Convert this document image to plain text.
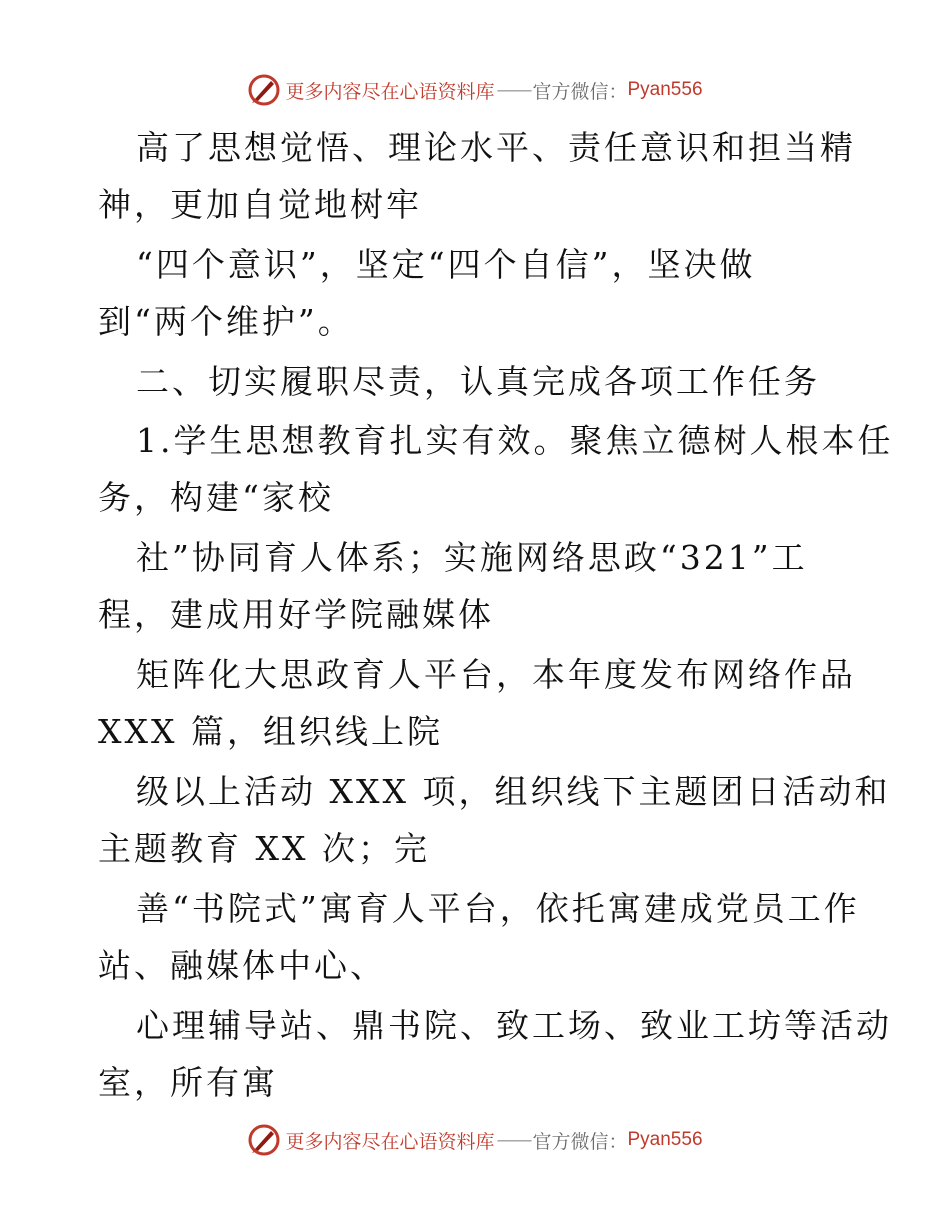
更多内容尽在心语资料库 —— 官方微信： Pyan556
高了思想觉悟、理论水平、责任意识和担当精
神，更加自觉地树牢
“四个意识”，坚定“四个自信”，坚决做
到“两个维护”。
二、切实履职尽责，认真完成各项工作任务
1.学生思想教育扎实有效。聚焦立德树人根本任
务，构建“家校
社”协同育人体系；实施网络思政“321”工
程，建成用好学院融媒体
矩阵化大思政育人平台，本年度发布网络作品
XXX 篇，组织线上院
级以上活动 XXX 项，组织线下主题团日活动和
主题教育 XX 次；完
善“书院式”寓育人平台，依托寓建成党员工作
站、融媒体中心、
心理辅导站、鼎书院、致工场、致业工坊等活动
室，所有寓
更多内容尽在心语资料库 —— 官方微信： Pyan556
